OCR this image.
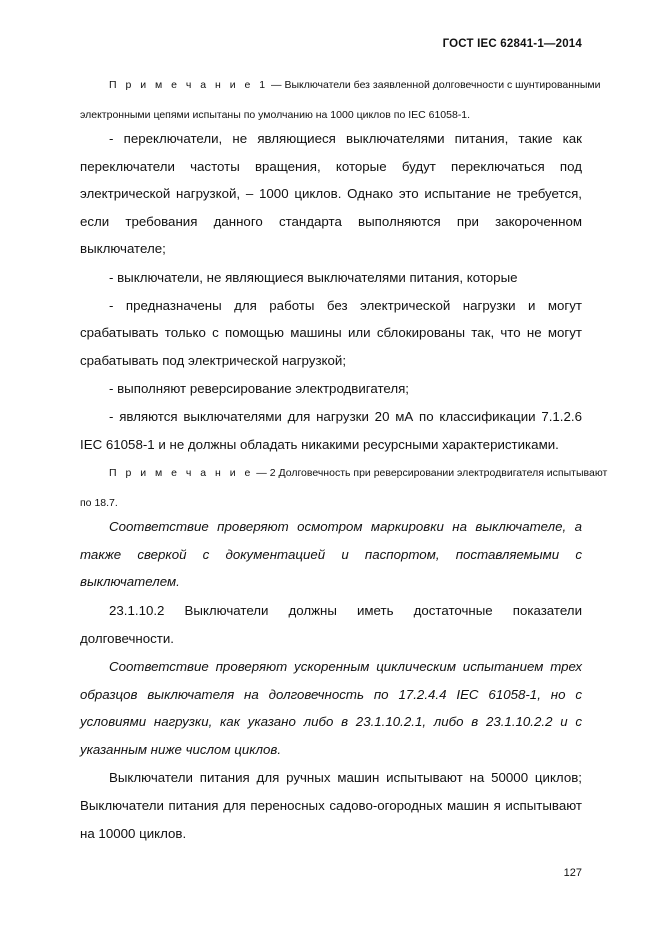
ГОСТ IEC 62841-1—2014
П р и м е ч а н и е 1 — Выключатели без заявленной долговечности с шунтированными
электронными цепями испытаны по умолчанию на 1000 циклов по IEC 61058-1.
- переключатели, не являющиеся выключателями питания, такие как
переключатели частоты вращения, которые будут переключаться под
электрической нагрузкой, – 1000 циклов. Однако это испытание не требуется,
если требования данного стандарта выполняются при закороченном
выключателе;
- выключатели, не являющиеся выключателями питания, которые
- предназначены для работы без электрической нагрузки и могут
срабатывать только с помощью машины или сблокированы так, что не могут
срабатывать под электрической нагрузкой;
- выполняют реверсирование электродвигателя;
- являются выключателями для нагрузки 20 мА по классификации 7.1.2.6
IEC 61058-1 и не должны обладать никакими ресурсными характеристиками.
П р и м е ч а н и е — 2 Долговечность при реверсировании электродвигателя испытывают
по 18.7.
Соответствие проверяют осмотром маркировки на выключателе, а
также сверкой с документацией и паспортом, поставляемыми с
выключателем.
23.1.10.2 Выключатели должны иметь достаточные показатели
долговечности.
Соответствие проверяют ускоренным циклическим испытанием трех
образцов выключателя на долговечность по 17.2.4.4 IEC 61058-1, но с
условиями нагрузки, как указано либо в 23.1.10.2.1, либо в 23.1.10.2.2 и с
указанным ниже числом циклов.
Выключатели питания для ручных машин испытывают на 50000 циклов;
Выключатели питания для переносных садово-огородных машин я испытывают
на 10000 циклов.
127
